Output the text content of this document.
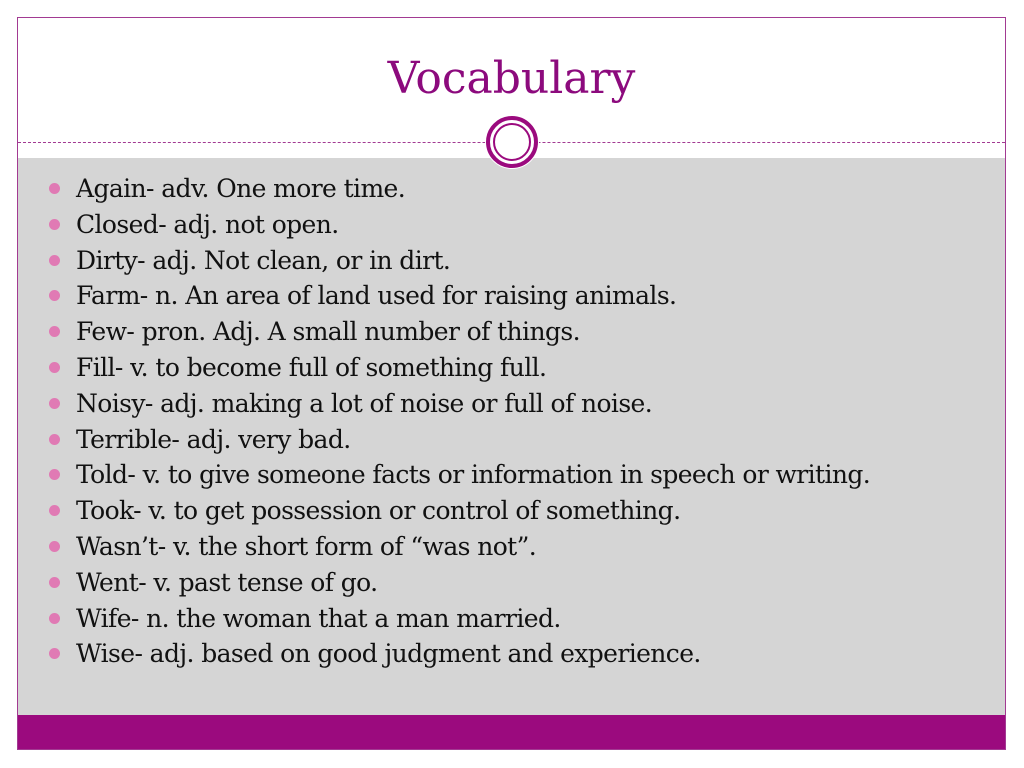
Vocabulary
Again- adv. One more time.
Closed- adj. not open.
Dirty- adj. Not clean, or in dirt.
Farm- n. An area of land used for raising animals.
Few- pron. Adj. A small number of things.
Fill- v. to become full of something full.
Noisy- adj. making a lot of noise or full of noise.
Terrible- adj. very bad.
Told- v. to give someone facts or information in speech or writing.
Took- v. to get possession or control of something.
Wasn’t- v. the short form of “was not”.
Went- v. past tense of go.
Wife- n. the woman that a man married.
Wise- adj. based on good judgment and experience.
